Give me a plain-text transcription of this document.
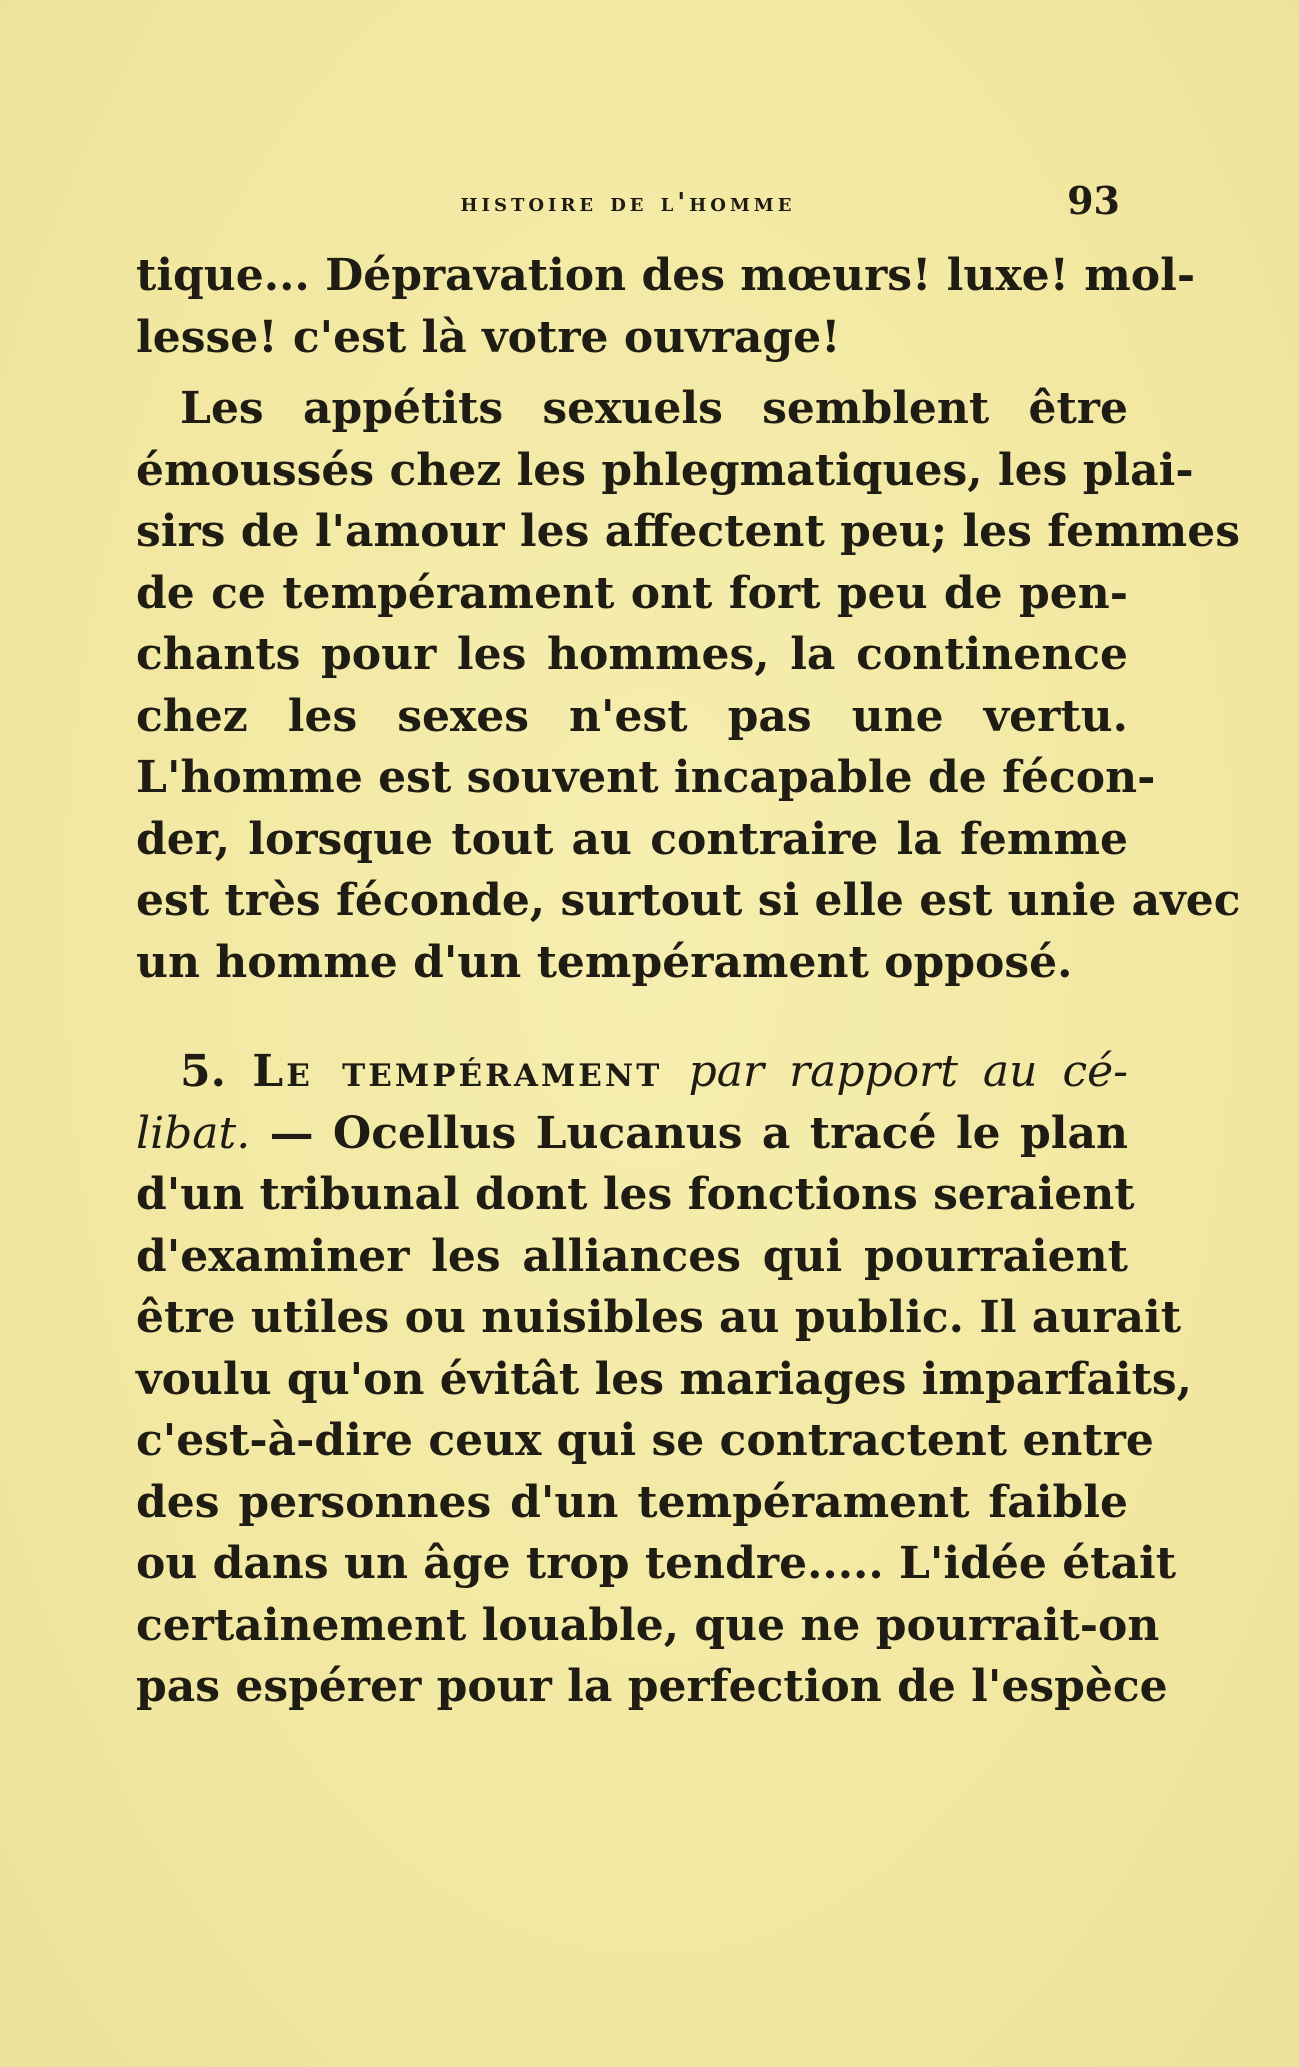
histoire de l'homme	93
tique... Dépravation des mœurs! luxe! mol-
lesse! c'est là votre ouvrage!
Les appétits sexuels semblent être
émoussés chez les phlegmatiques, les plai-
sirs de l'amour les affectent peu; les femmes
de ce tempérament ont fort peu de pen-
chants pour les hommes, la continence
chez les sexes n'est pas une vertu.
L'homme est souvent incapable de fécon-
der, lorsque tout au contraire la femme
est très féconde, surtout si elle est unie avec
un homme d'un tempérament opposé.
5. Le tempérament par rapport au cé-
libat. — Ocellus Lucanus a tracé le plan
d'un tribunal dont les fonctions seraient
d'examiner les alliances qui pourraient
être utiles ou nuisibles au public. Il aurait
voulu qu'on évitât les mariages imparfaits,
c'est-à-dire ceux qui se contractent entre
des personnes d'un tempérament faible
ou dans un âge trop tendre..... L'idée était
certainement louable, que ne pourrait-on
pas espérer pour la perfection de l'espèce
